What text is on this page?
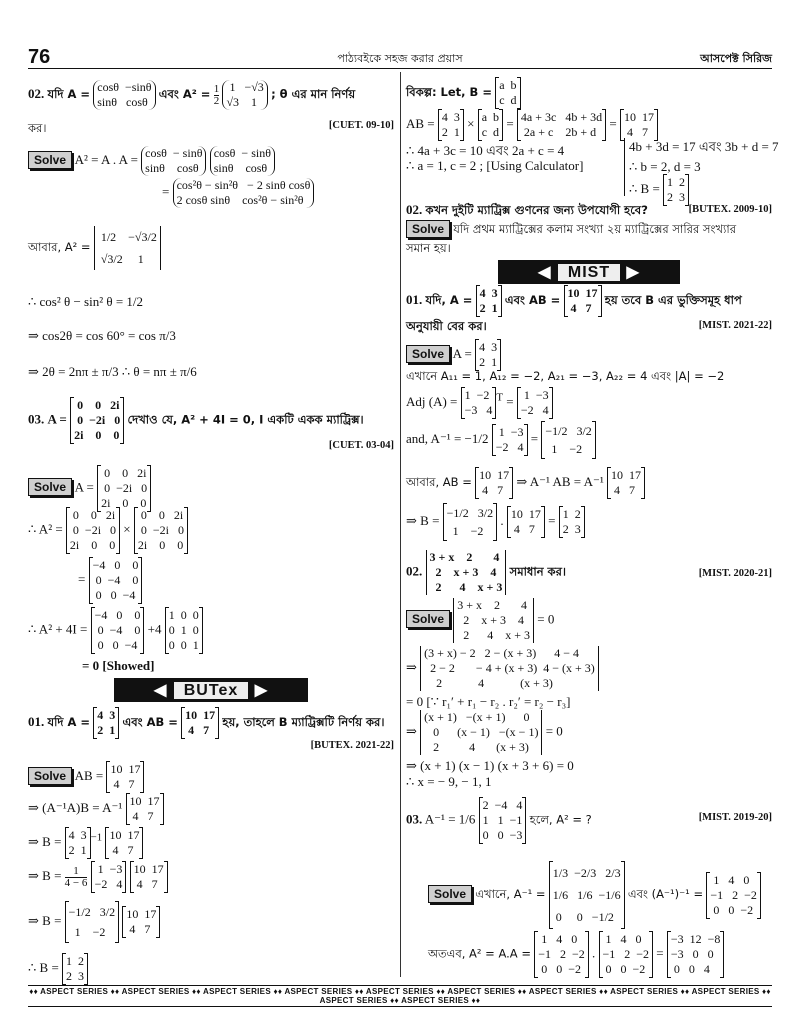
76	পাঠ্যবইকে সহজ করার প্রয়াস	আসপেক্ট সিরিজ
02. যদি A = cosθ  −sinθ
sinθ   cosθ
এবং $A^2 = \frac{1}{2}$
1   −√3
√3    1
; θ এর মান নির্ণয়
কর।	[CUET. 09-10]
Solve A² = A . A = cosθ  − sinθ
sinθ    cosθ

cosθ  − sinθ
sinθ    cosθ
= cos²θ − sin²θ   − 2 sinθ cosθ
2 cosθ sinθ    cos²θ − sin²θ
আবার, A² =
1/2    −√3/2
√3/2     1
∴ cos² θ − sin² θ = 1/2
⇒ cos2θ = cos 60° = cos π/3
⇒ 2θ = 2nπ ± π/3 ∴ θ = nπ ± π/6
03. A =
0    0   2i
0  −2i   0
2i    0    0
দেখাও যে, A² + 4I = 0, I একটি একক ম্যাট্রিক্স।
[CUET. 03-04]
Solve A =
0    0   2i
0  −2i   0
2i    0    0
∴ A² =
0    0   2i
0  −2i   0
2i    0    0
×
0    0   2i
0  −2i   0
2i    0    0
=
−4   0    0
0  −4    0
0   0  −4
∴ A² + 4I =
−4   0    0
0  −4    0
0   0  −4
+4
1  0  0
0  1  0
0  0  1
= 0 [Showed]
◀ BUTex ▶
01. যদি A = 4  3
2  1
এবং AB = 10  17
4   7
হয়, তাহলে B ম্যাট্রিক্সটি নির্ণয় কর।
[BUTEX. 2021-22]
Solve AB = 10  17
4   7
⇒ (A⁻¹A)B = A⁻¹ 10  17
4   7
⇒ B = 4  3
2  1
$^{-1}$ 10  17
4   7
⇒ $B = \frac{1}{4 - 6}$
1  −3
−2   4

10  17
4   7
⇒ B =
−1/2   3/2
1    −2

10  17
4   7
∴ B = 1  2
2  3
বিকল্প: Let, B = a  b
c  d
AB = 4  3
2  1
× a  b
c  d
= 4a + 3c   4b + 3d
2a + c    2b + d
= 10  17
4   7
∴ 4a + 3c = 10 এবং 2a + c = 4
∴ a = 1, c = 2 ; [Using Calculator]
4b + 3d = 17 এবং 3b + d = 7
∴ b = 2, d = 3
∴ B = 1  2
2  3
02. কখন দুইটি ম্যাট্রিক্স গুণনের জন্য উপযোগী হবে?	[BUTEX. 2009-10]
Solve যদি প্রথম ম্যাট্রিক্সের কলাম সংখ্যা ২য় ম্যাট্রিক্সের সারির সংখ্যার
সমান হয়।
◀ MIST ▶
01. যদি, A = 4  3
2  1
এবং AB = 10  17
4   7
হয় তবে B এর ভুক্তিসমূহ ধাপ
অনুযায়ী বের কর।	[MIST. 2021-22]
Solve A = 4  3
2  1
এখানে A₁₁ = 1, A₁₂ = −2, A₂₁ = −3, A₂₂ = 4 এবং |A| = −2
Adj (A) = 1  −2
−3   4
$^T$ = 1  −3
−2   4
and, A⁻¹ = −1/2 1  −3
−2   4
= −1/2   3/2
1    −2
আবার, AB = 10  17
4   7
⇒ A⁻¹ AB = A⁻¹ 10  17
4   7
⇒ B = −1/2   3/2
1    −2
. 10  17
4   7
= 1  2
2  3
02.
3 + x    2       4
2    x + 3    4
2      4    x + 3
সমাধান কর।	[MIST. 2020-21]
Solve
3 + x    2       4
2    x + 3    4
2      4    x + 3
= 0
⇒
(3 + x) − 2   2 − (x + 3)      4 − 4
2 − 2       − 4 + (x + 3)  4 − (x + 3)
2            4            (x + 3)
= 0 [∵ r₁′ + r₁ − r₂ . r₂′ = r₂ − r₃]
⇒
(x + 1)   −(x + 1)      0
0      (x − 1)   −(x − 1)
2          4       (x + 3)
= 0
⇒ (x + 1) (x − 1) (x + 3 + 6) = 0
∴ x = − 9, − 1, 1
03. A⁻¹ = 1/6
2  −4   4
1   1  −1
0   0  −3
হলে, A² = ?	[MIST. 2019-20]
Solve এখানে, A⁻¹ =
1/3  −2/3   2/3
1/6   1/6  −1/6
0     0   −1/2
এবং (A⁻¹)⁻¹ =
1   4   0
−1   2  −2
0   0  −2
অতএব, A² = A.A =
1   4   0
−1   2  −2
0   0  −2
.
1   4   0
−1   2  −2
0   0  −2
=
−3  12  −8
−3   0   0
0   0   4
♦♦ ASPECT SERIES ♦♦ ASPECT SERIES ♦♦ ASPECT SERIES ♦♦ ASPECT SERIES ♦♦ ASPECT SERIES ♦♦ ASPECT SERIES ♦♦ ASPECT SERIES ♦♦ ASPECT SERIES ♦♦ ASPECT SERIES ♦♦ ASPECT SERIES ♦♦ ASPECT SERIES ♦♦
